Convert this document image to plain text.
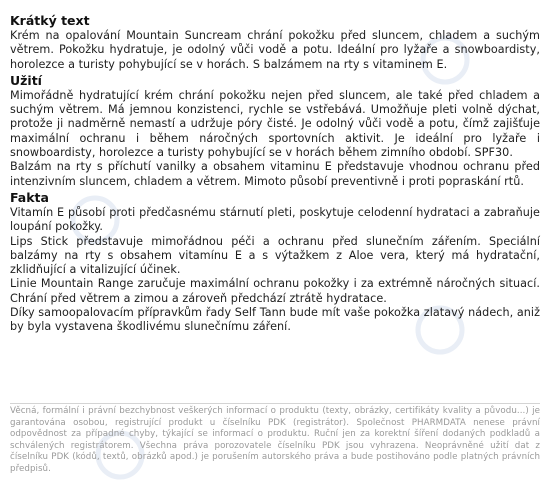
Krátký text

Krém na opalování Mountain Suncream chrání pokožku před sluncem, chladem a suchým větrem. Pokožku hydratuje, je odolný vůči vodě a potu. Ideální pro lyžaře a snowboardisty, horolezce a turisty pohybující se v horách. S balzámem na rty s vitaminem E.

Užití

Mimořádně hydratující krém chrání pokožku nejen před sluncem, ale také před chladem a suchým větrem. Má jemnou konzistenci, rychle se vstřebává. Umožňuje pleti volně dýchat, protože ji nadměrně nemastí a udržuje póry čisté. Je odolný vůči vodě a potu, čímž zajišťuje maximální ochranu i během náročných sportovních aktivit. Je ideální pro lyžaře i snowboardisty, horolezce a turisty pohybující se v horách během zimního období. SPF30.

Balzám na rty s příchutí vanilky a obsahem vitaminu E představuje vhodnou ochranu před intenzivním sluncem, chladem a větrem. Mimoto působí preventivně i proti popraskání rtů.

Fakta

Vitamín E působí proti předčasnému stárnutí pleti, poskytuje celodenní hydrataci a zabraňuje loupání pokožky.

Lips Stick představuje mimořádnou péči a ochranu před slunečním zářením. Speciální balzámy na rty s obsahem vitamínu E a s výtažkem z Aloe vera, který má hydratační, zklidňující a vitalizující účinek.

Linie Mountain Range zaručuje maximální ochranu pokožky i za extrémně náročných situací. Chrání před větrem a zimou a zároveň předchází ztrátě hydratace.

Díky samoopalovacím přípravkům řady Self Tann bude mít vaše pokožka zlatavý nádech, aniž by byla vystavena škodlivému slunečnímu záření.

Věcná, formální i právní bezchybnost veškerých informací o produktu (texty, obrázky, certifikáty kvality a původu...) je garantována osobou, registrující produkt u číselníku PDK (registrátor). Společnost PHARMDATA nenese právní odpovědnost za případné chyby, týkající se informací o produktu. Ruční jen za korektní šíření dodaných podkladů a schválených registrátorem. Všechna práva porozovatele číselníku PDK jsou vyhrazena. Neoprávněné užití dat z číselníku PDK (kódů, textů, obrázků apod.) je porušením autorského práva a bude postihováno podle platných právních předpisů.
